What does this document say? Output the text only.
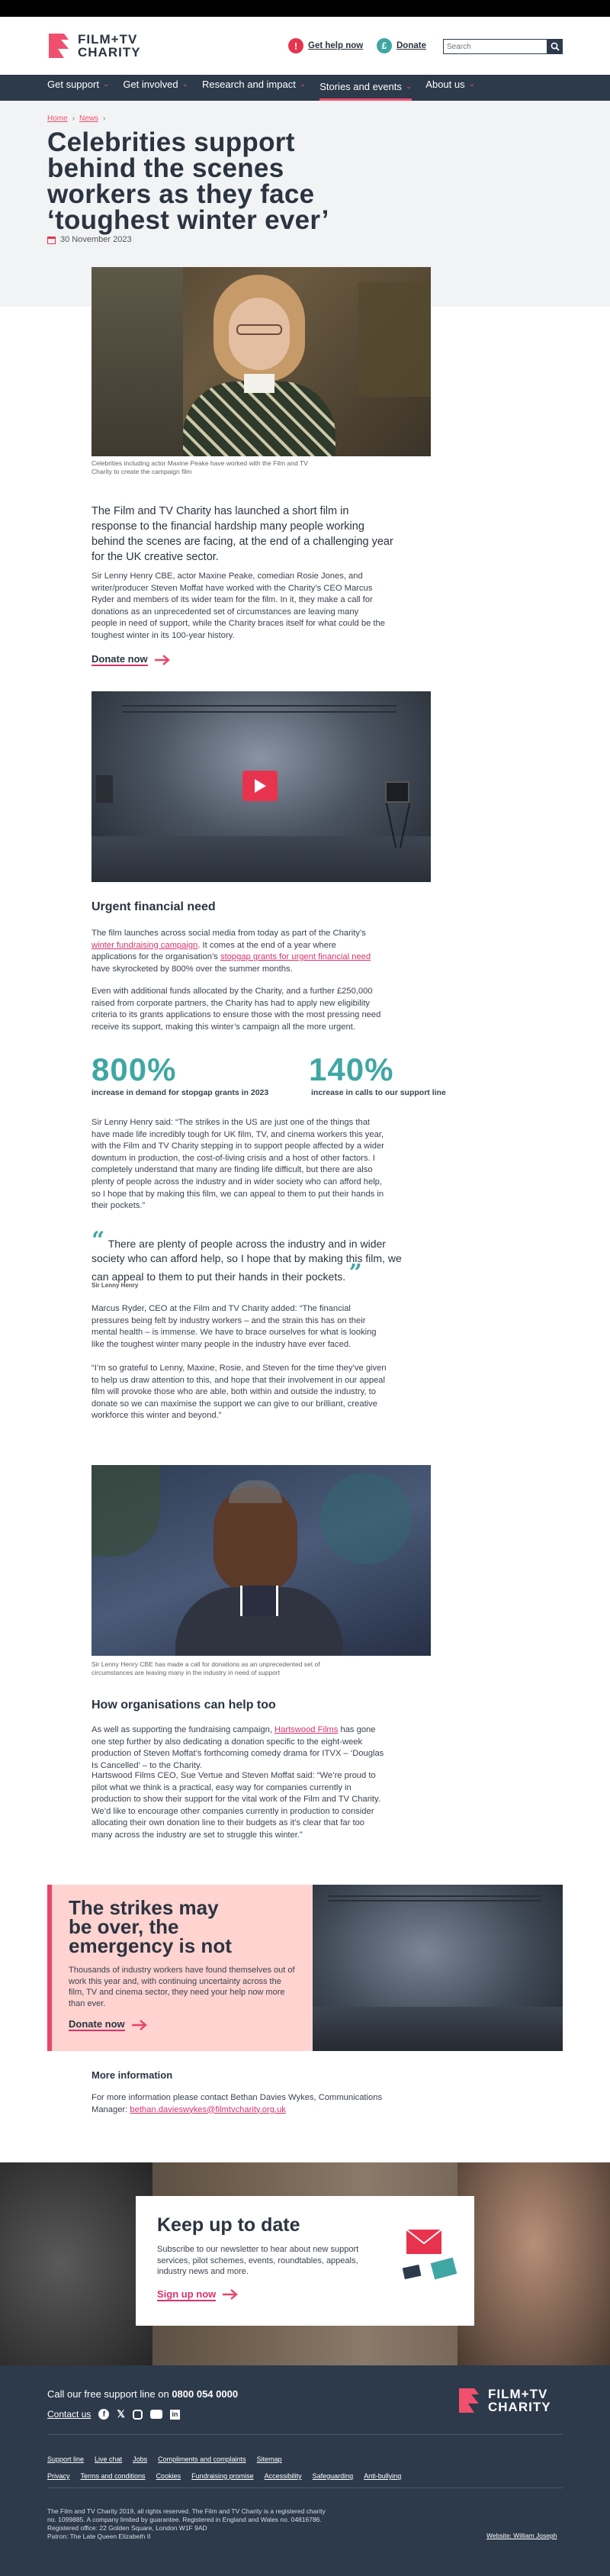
FILM+TV
CHARITY	!	Get help now	£	Donate
Search
Get support ⌄ Get involved ⌄ Research and impact ⌄ Stories and events ⌄ About us ⌄
Home › News ›
Celebrities support
behind the scenes
workers as they face
‘toughest winter ever’
30 November 2023
Celebrities including actor Maxine Peake have worked with the Film and TV Charity to create the campaign film
The Film and TV Charity has launched a short film in response to the financial hardship many people working behind the scenes are facing, at the end of a challenging year for the UK creative sector.
Sir Lenny Henry CBE, actor Maxine Peake, comedian Rosie Jones, and writer/producer Steven Moffat have worked with the Charity’s CEO Marcus Ryder and members of its wider team for the film. In it, they make a call for donations as an unprecedented set of circumstances are leaving many people in need of support, while the Charity braces itself for what could be the toughest winter in its 100-year history.
Donate now
Urgent financial need
The film launches across social media from today as part of the Charity’s winter fundraising campaign. It comes at the end of a year where applications for the organisation’s stopgap grants for urgent financial need have skyrocketed by 800% over the summer months.
Even with additional funds allocated by the Charity, and a further £250,000 raised from corporate partners, the Charity has had to apply new eligibility criteria to its grants applications to ensure those with the most pressing need receive its support, making this winter’s campaign all the more urgent.
800%
increase in demand for stopgap grants in 2023
140%
increase in calls to our support line
Sir Lenny Henry said: “The strikes in the US are just one of the things that have made life incredibly tough for UK film, TV, and cinema workers this year, with the Film and TV Charity stepping in to support people affected by a wider downturn in production, the cost-of-living crisis and a host of other factors. I completely understand that many are finding life difficult, but there are also plenty of people across the industry and in wider society who can afford help, so I hope that by making this film, we can appeal to them to put their hands in their pockets.”
“ There are plenty of people across the industry and in wider society who can afford help, so I hope that by making this film, we can appeal to them to put their hands in their pockets. ”
Sir Lenny Henry
Marcus Ryder, CEO at the Film and TV Charity added: “The financial pressures being felt by industry workers – and the strain this has on their mental health – is immense. We have to brace ourselves for what is looking like the toughest winter many people in the industry have ever faced.
“I’m so grateful to Lenny, Maxine, Rosie, and Steven for the time they’ve given to help us draw attention to this, and hope that their involvement in our appeal film will provoke those who are able, both within and outside the industry, to donate so we can maximise the support we can give to our brilliant, creative workforce this winter and beyond.”
Sir Lenny Henry CBE has made a call for donations as an unprecedented set of circumstances are leaving many in the industry in need of support
How organisations can help too
As well as supporting the fundraising campaign, Hartswood Films has gone one step further by also dedicating a donation specific to the eight-week production of Steven Moffat’s forthcoming comedy drama for ITVX – ‘Douglas Is Cancelled’ – to the Charity.
Hartswood Films CEO, Sue Vertue and Steven Moffat said: “We’re proud to pilot what we think is a practical, easy way for companies currently in production to show their support for the vital work of the Film and TV Charity. We’d like to encourage other companies currently in production to consider allocating their own donation line to their budgets as it’s clear that far too many across the industry are set to struggle this winter.”
The strikes may
be over, the
emergency is not
Thousands of industry workers have found themselves out of work this year and, with continuing uncertainty across the film, TV and cinema sector, they need your help now more than ever.
Donate now
More information
For more information please contact Bethan Davies Wykes, Communications Manager: bethan.davieswykes@filmtvcharity.org.uk
Keep up to date
Subscribe to our newsletter to hear about new support services, pilot schemes, events, roundtables, appeals, industry news and more.
Sign up now
Call our free support line on 0800 054 0000
Contact us	f	𝕏	in
FILM+TV
CHARITY
Support line Live chat Jobs Compliments and complaints Sitemap
Privacy Terms and conditions Cookies Fundraising promise Accessibility Safeguarding Anti-bullying
The Film and TV Charity 2019, all rights reserved. The Film and TV Charity is a registered charity
no. 1099885. A company limited by guarantee. Registered in England and Wales no. 04816786.
Registered office: 22 Golden Square, London W1F 9AD
Patron: The Late Queen Elizabeth II	Website: William Joseph
